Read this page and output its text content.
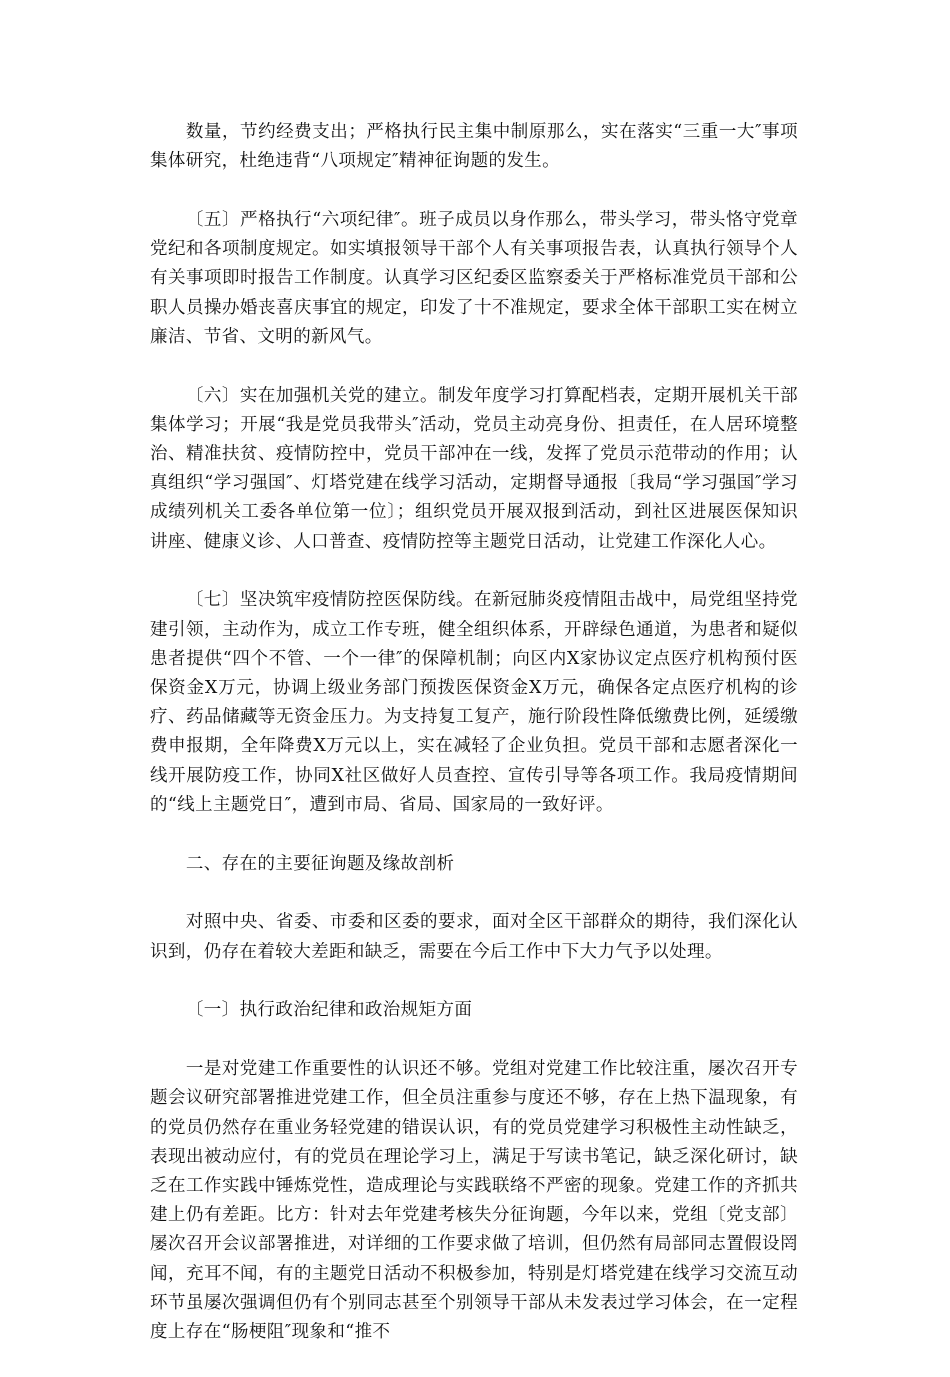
数量，节约经费支出；严格执行民主集中制原那么，实在落实“三重一大″事项集体研究，杜绝违背“八项规定″精神征询题的发生。

〔五〕严格执行“六项纪律″。班子成员以身作那么，带头学习，带头恪守党章党纪和各项制度规定。如实填报领导干部个人有关事项报告表，认真执行领导个人有关事项即时报告工作制度。认真学习区纪委区监察委关于严格标准党员干部和公职人员操办婚丧喜庆事宜的规定，印发了十不准规定，要求全体干部职工实在树立廉洁、节省、文明的新风气。

〔六〕实在加强机关党的建立。制发年度学习打算配档表，定期开展机关干部集体学习；开展“我是党员我带头″活动，党员主动亮身份、担责任，在人居环境整治、精准扶贫、疫情防控中，党员干部冲在一线，发挥了党员示范带动的作用；认真组织“学习强国″、灯塔党建在线学习活动，定期督导通报〔我局“学习强国″学习成绩列机关工委各单位第一位〕；组织党员开展双报到活动，到社区进展医保知识讲座、健康义诊、人口普查、疫情防控等主题党日活动，让党建工作深化人心。

〔七〕坚决筑牢疫情防控医保防线。在新冠肺炎疫情阻击战中，局党组坚持党建引领，主动作为，成立工作专班，健全组织体系，开辟绿色通道，为患者和疑似患者提供“四个不管、一个一律″的保障机制；向区内X家协议定点医疗机构预付医保资金X万元，协调上级业务部门预拨医保资金X万元，确保各定点医疗机构的诊疗、药品储藏等无资金压力。为支持复工复产，施行阶段性降低缴费比例，延缓缴费申报期，全年降费X万元以上，实在减轻了企业负担。党员干部和志愿者深化一线开展防疫工作，协同X社区做好人员查控、宣传引导等各项工作。我局疫情期间的“线上主题党日″，遭到市局、省局、国家局的一致好评。

二、存在的主要征询题及缘故剖析

对照中央、省委、市委和区委的要求，面对全区干部群众的期待，我们深化认识到，仍存在着较大差距和缺乏，需要在今后工作中下大力气予以处理。

〔一〕执行政治纪律和政治规矩方面

一是对党建工作重要性的认识还不够。党组对党建工作比较注重，屡次召开专题会议研究部署推进党建工作，但全员注重参与度还不够，存在上热下温现象，有的党员仍然存在重业务轻党建的错误认识，有的党员党建学习积极性主动性缺乏，表现出被动应付，有的党员在理论学习上，满足于写读书笔记，缺乏深化研讨，缺乏在工作实践中锤炼党性，造成理论与实践联络不严密的现象。党建工作的齐抓共建上仍有差距。比方：针对去年党建考核失分征询题，今年以来，党组〔党支部〕屡次召开会议部署推进，对详细的工作要求做了培训，但仍然有局部同志置假设罔闻，充耳不闻，有的主题党日活动不积极参加，特别是灯塔党建在线学习交流互动环节虽屡次强调但仍有个别同志甚至个别领导干部从未发表过学习体会，在一定程度上存在“肠梗阻″现象和“推不
